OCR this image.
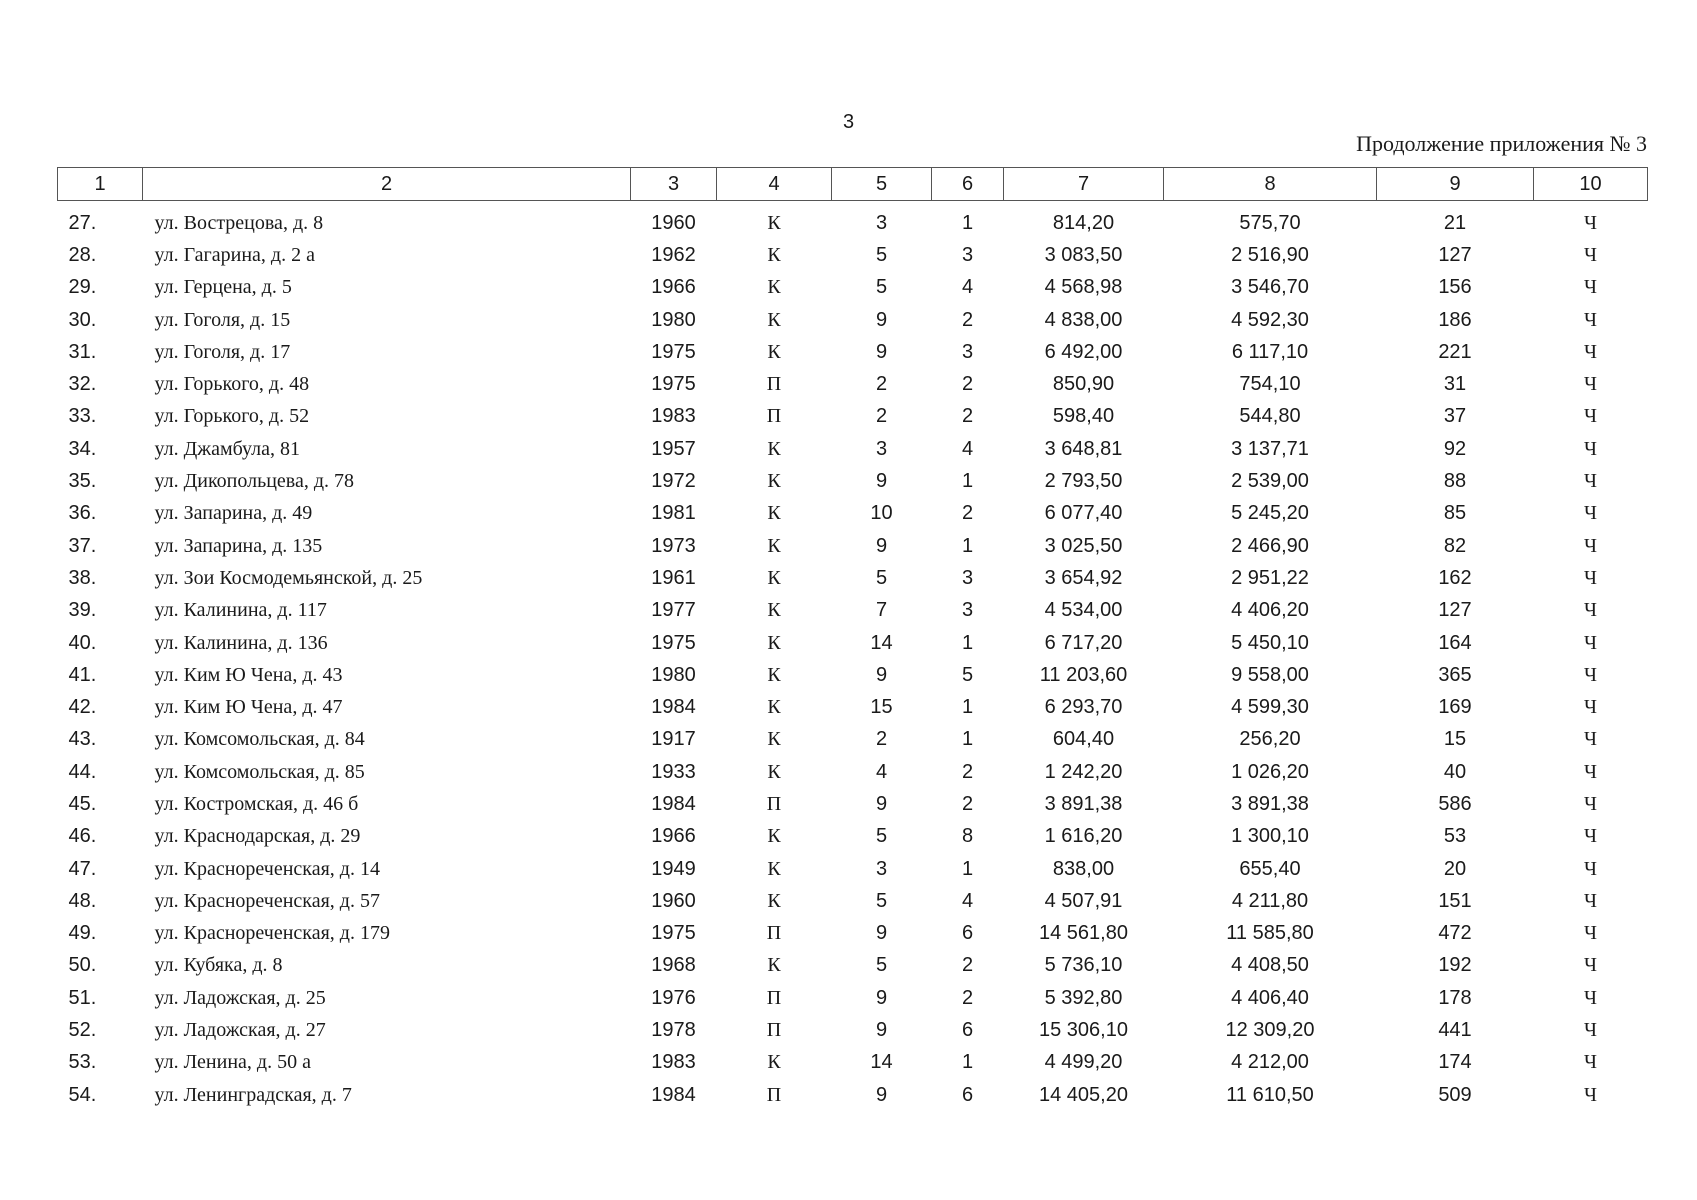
3
Продолжение приложения № 3
1	2	3	4	5	6	7	8	9	10

27.	ул. Вострецова, д. 8	1960	К	3	1	814,20	575,70	21	Ч
28.	ул. Гагарина, д. 2 а	1962	К	5	3	3 083,50	2 516,90	127	Ч
29.	ул. Герцена, д. 5	1966	К	5	4	4 568,98	3 546,70	156	Ч
30.	ул. Гоголя, д. 15	1980	К	9	2	4 838,00	4 592,30	186	Ч
31.	ул. Гоголя, д. 17	1975	К	9	3	6 492,00	6 117,10	221	Ч
32.	ул. Горького, д. 48	1975	П	2	2	850,90	754,10	31	Ч
33.	ул. Горького, д. 52	1983	П	2	2	598,40	544,80	37	Ч
34.	ул. Джамбула, 81	1957	К	3	4	3 648,81	3 137,71	92	Ч
35.	ул. Дикопольцева, д. 78	1972	К	9	1	2 793,50	2 539,00	88	Ч
36.	ул. Запарина, д. 49	1981	К	10	2	6 077,40	5 245,20	85	Ч
37.	ул. Запарина, д. 135	1973	К	9	1	3 025,50	2 466,90	82	Ч
38.	ул. Зои Космодемьянской, д. 25	1961	К	5	3	3 654,92	2 951,22	162	Ч
39.	ул. Калинина, д. 117	1977	К	7	3	4 534,00	4 406,20	127	Ч
40.	ул. Калинина, д. 136	1975	К	14	1	6 717,20	5 450,10	164	Ч
41.	ул. Ким Ю Чена, д. 43	1980	К	9	5	11 203,60	9 558,00	365	Ч
42.	ул. Ким Ю Чена, д. 47	1984	К	15	1	6 293,70	4 599,30	169	Ч
43.	ул. Комсомольская, д. 84	1917	К	2	1	604,40	256,20	15	Ч
44.	ул. Комсомольская, д. 85	1933	К	4	2	1 242,20	1 026,20	40	Ч
45.	ул. Костромская, д. 46 б	1984	П	9	2	3 891,38	3 891,38	586	Ч
46.	ул. Краснодарская, д. 29	1966	К	5	8	1 616,20	1 300,10	53	Ч
47.	ул. Краснореченская, д. 14	1949	К	3	1	838,00	655,40	20	Ч
48.	ул. Краснореченская, д. 57	1960	К	5	4	4 507,91	4 211,80	151	Ч
49.	ул. Краснореченская, д. 179	1975	П	9	6	14 561,80	11 585,80	472	Ч
50.	ул. Кубяка, д. 8	1968	К	5	2	5 736,10	4 408,50	192	Ч
51.	ул. Ладожская, д. 25	1976	П	9	2	5 392,80	4 406,40	178	Ч
52.	ул. Ладожская, д. 27	1978	П	9	6	15 306,10	12 309,20	441	Ч
53.	ул. Ленина, д. 50 а	1983	К	14	1	4 499,20	4 212,00	174	Ч
54.	ул. Ленинградская, д. 7	1984	П	9	6	14 405,20	11 610,50	509	Ч
